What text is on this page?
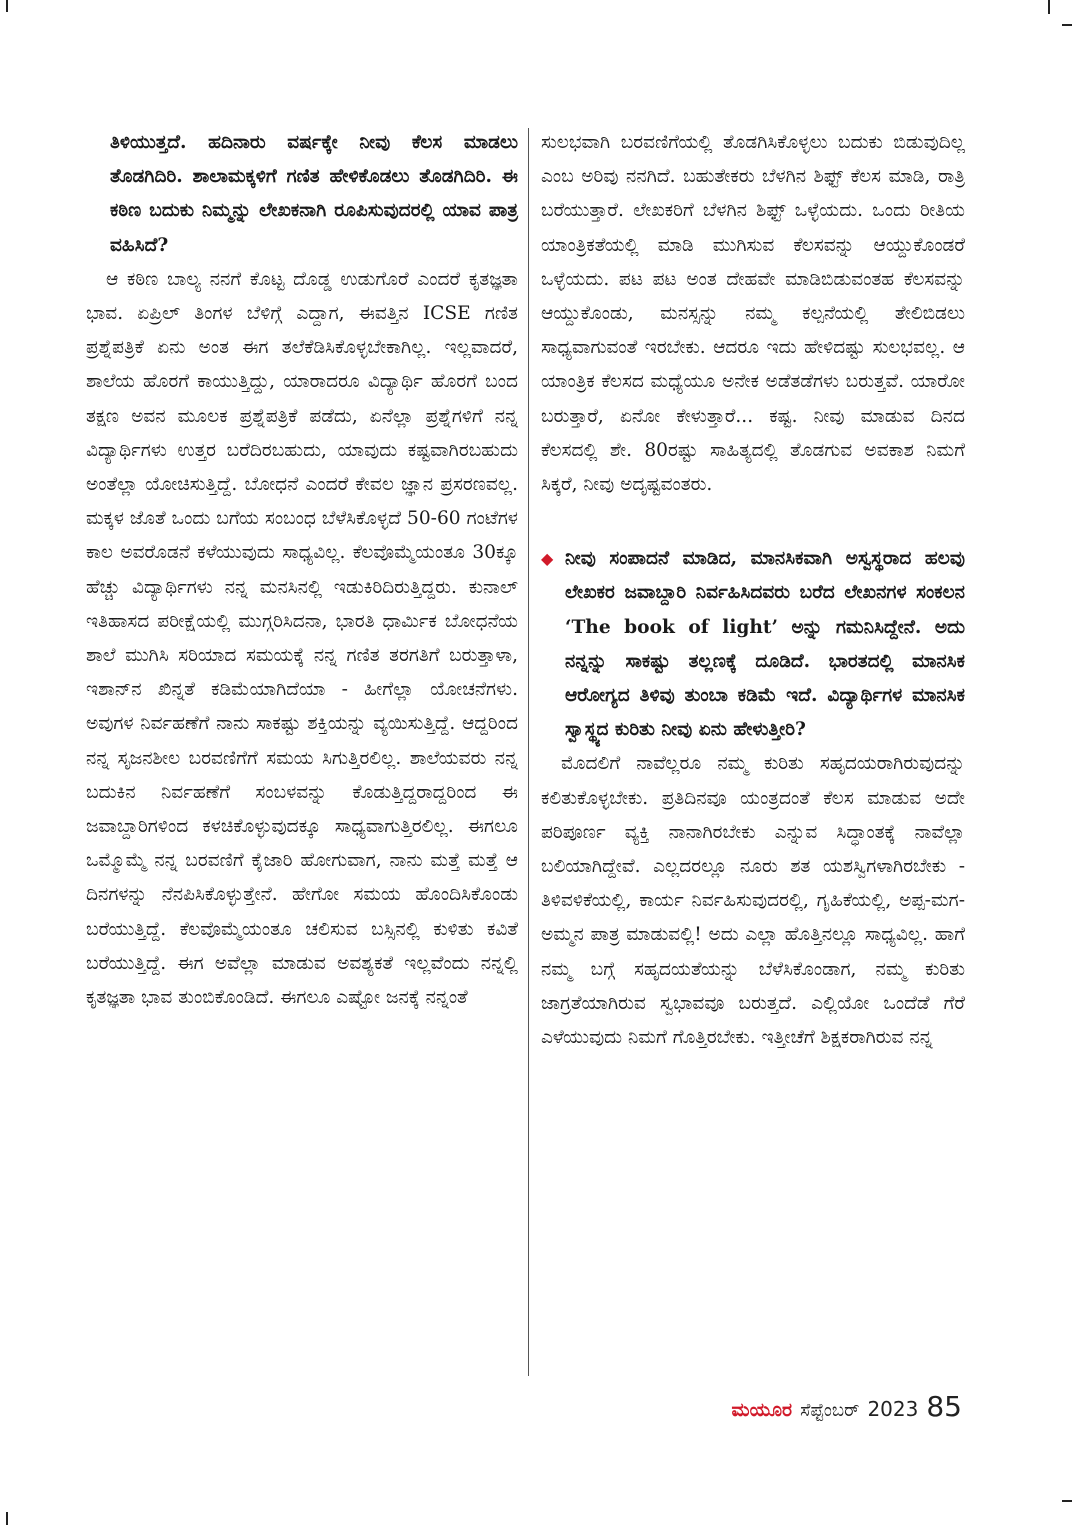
ತಿಳಿಯುತ್ತದೆ. ಹದಿನಾರು ವರ್ಷಕ್ಕೇ ನೀವು ಕೆಲಸ ಮಾಡಲು ತೊಡಗಿದಿರಿ. ಶಾಲಾಮಕ್ಕಳಿಗೆ ಗಣಿತ ಹೇಳಿಕೊಡಲು ತೊಡಗಿದಿರಿ. ಈ ಕಠಿಣ ಬದುಕು ನಿಮ್ಮನ್ನು ಲೇಖಕನಾಗಿ ರೂಪಿಸುವುದರಲ್ಲಿ ಯಾವ ಪಾತ್ರ ವಹಿಸಿದೆ?

ಆ ಕಠಿಣ ಬಾಲ್ಯ ನನಗೆ ಕೊಟ್ಟ ದೊಡ್ಡ ಉಡುಗೊರೆ ಎಂದರೆ ಕೃತಜ್ಞತಾ ಭಾವ. ಏಪ್ರಿಲ್ ತಿಂಗಳ ಬೆಳಿಗ್ಗೆ ಎದ್ದಾಗ, ಈವತ್ತಿನ ICSE ಗಣಿತ ಪ್ರಶ್ನೆಪತ್ರಿಕೆ ಏನು ಅಂತ ಈಗ ತಲೆಕೆಡಿಸಿಕೊಳ್ಳಬೇಕಾಗಿಲ್ಲ. ಇಲ್ಲವಾದರೆ, ಶಾಲೆಯ ಹೊರಗೆ ಕಾಯುತ್ತಿದ್ದು, ಯಾರಾದರೂ ವಿದ್ಯಾರ್ಥಿ ಹೊರಗೆ ಬಂದ ತಕ್ಷಣ ಅವನ ಮೂಲಕ ಪ್ರಶ್ನೆಪತ್ರಿಕೆ ಪಡೆದು, ಏನೆಲ್ಲಾ ಪ್ರಶ್ನೆಗಳಿಗೆ ನನ್ನ ವಿದ್ಯಾರ್ಥಿಗಳು ಉತ್ತರ ಬರೆದಿರಬಹುದು, ಯಾವುದು ಕಷ್ಟವಾಗಿರಬಹುದು ಅಂತೆಲ್ಲಾ ಯೋಚಿಸುತ್ತಿದ್ದೆ. ಬೋಧನೆ ಎಂದರೆ ಕೇವಲ ಜ್ಞಾನ ಪ್ರಸರಣವಲ್ಲ. ಮಕ್ಕಳ ಜೊತೆ ಒಂದು ಬಗೆಯ ಸಂಬಂಧ ಬೆಳೆಸಿಕೊಳ್ಳದೆ 50-60 ಗಂಟೆಗಳ ಕಾಲ ಅವರೊಡನೆ ಕಳೆಯುವುದು ಸಾಧ್ಯವಿಲ್ಲ. ಕೆಲವೊಮ್ಮೆಯಂತೂ 30ಕ್ಕೂ ಹೆಚ್ಚು ವಿದ್ಯಾರ್ಥಿಗಳು ನನ್ನ ಮನಸಿನಲ್ಲಿ ಇಡುಕಿರಿದಿರುತ್ತಿದ್ದರು. ಕುನಾಲ್ ಇತಿಹಾಸದ ಪರೀಕ್ಷೆಯಲ್ಲಿ ಮುಗ್ಗರಿಸಿದನಾ, ಭಾರತಿ ಧಾರ್ಮಿಕ ಬೋಧನೆಯ ಶಾಲೆ ಮುಗಿಸಿ ಸರಿಯಾದ ಸಮಯಕ್ಕೆ ನನ್ನ ಗಣಿತ ತರಗತಿಗೆ ಬರುತ್ತಾಳಾ, ಇಶಾನ್‌ನ ಖಿನ್ನತೆ ಕಡಿಮೆಯಾಗಿದೆಯಾ - ಹೀಗೆಲ್ಲಾ ಯೋಚನೆಗಳು. ಅವುಗಳ ನಿರ್ವಹಣೆಗೆ ನಾನು ಸಾಕಷ್ಟು ಶಕ್ತಿಯನ್ನು ವ್ಯಯಿಸುತ್ತಿದ್ದೆ. ಆದ್ದರಿಂದ ನನ್ನ ಸೃಜನಶೀಲ ಬರವಣಿಗೆಗೆ ಸಮಯ ಸಿಗುತ್ತಿರಲಿಲ್ಲ. ಶಾಲೆಯವರು ನನ್ನ ಬದುಕಿನ ನಿರ್ವಹಣೆಗೆ ಸಂಬಳವನ್ನು ಕೊಡುತ್ತಿದ್ದರಾದ್ದರಿಂದ ಈ ಜವಾಬ್ದಾರಿಗಳಿಂದ ಕಳಚಿಕೊಳ್ಳುವುದಕ್ಕೂ ಸಾಧ್ಯವಾಗುತ್ತಿರಲಿಲ್ಲ. ಈಗಲೂ ಒಮ್ಮೊಮ್ಮೆ ನನ್ನ ಬರವಣಿಗೆ ಕೈಜಾರಿ ಹೋಗುವಾಗ, ನಾನು ಮತ್ತೆ ಮತ್ತೆ ಆ ದಿನಗಳನ್ನು ನೆನಪಿಸಿಕೊಳ್ಳುತ್ತೇನೆ. ಹೇಗೋ ಸಮಯ ಹೊಂದಿಸಿಕೊಂಡು ಬರೆಯುತ್ತಿದ್ದೆ. ಕೆಲವೊಮ್ಮೆಯಂತೂ ಚಲಿಸುವ ಬಸ್ಸಿನಲ್ಲಿ ಕುಳಿತು ಕವಿತೆ ಬರೆಯುತ್ತಿದ್ದೆ. ಈಗ ಅವೆಲ್ಲಾ ಮಾಡುವ ಅವಶ್ಯಕತೆ ಇಲ್ಲವೆಂದು ನನ್ನಲ್ಲಿ ಕೃತಜ್ಞತಾ ಭಾವ ತುಂಬಿಕೊಂಡಿದೆ. ಈಗಲೂ ಎಷ್ಟೋ ಜನಕ್ಕೆ ನನ್ನಂತೆ

ಸುಲಭವಾಗಿ ಬರವಣಿಗೆಯಲ್ಲಿ ತೊಡಗಿಸಿಕೊಳ್ಳಲು ಬದುಕು ಬಿಡುವುದಿಲ್ಲ ಎಂಬ ಅರಿವು ನನಗಿದೆ. ಬಹುತೇಕರು ಬೆಳಗಿನ ಶಿಫ್ಟ್ ಕೆಲಸ ಮಾಡಿ, ರಾತ್ರಿ ಬರೆಯುತ್ತಾರೆ. ಲೇಖಕರಿಗೆ ಬೆಳಗಿನ ಶಿಫ್ಟ್ ಒಳ್ಳೆಯದು. ಒಂದು ರೀತಿಯ ಯಾಂತ್ರಿಕತೆಯಲ್ಲಿ ಮಾಡಿ ಮುಗಿಸುವ ಕೆಲಸವನ್ನು ಆಯ್ದುಕೊಂಡರೆ ಒಳ್ಳೆಯದು. ಪಟ ಪಟ ಅಂತ ದೇಹವೇ ಮಾಡಿಬಿಡುವಂತಹ ಕೆಲಸವನ್ನು ಆಯ್ದುಕೊಂಡು, ಮನಸ್ಸನ್ನು ನಮ್ಮ ಕಲ್ಪನೆಯಲ್ಲಿ ತೇಲಿಬಿಡಲು ಸಾಧ್ಯವಾಗುವಂತೆ ಇರಬೇಕು. ಆದರೂ ಇದು ಹೇಳಿದಷ್ಟು ಸುಲಭವಲ್ಲ. ಆ ಯಾಂತ್ರಿಕ ಕೆಲಸದ ಮಧ್ಯೆಯೂ ಅನೇಕ ಅಡೆತಡೆಗಳು ಬರುತ್ತವೆ. ಯಾರೋ ಬರುತ್ತಾರೆ, ಏನೋ ಕೇಳುತ್ತಾರೆ... ಕಷ್ಟ. ನೀವು ಮಾಡುವ ದಿನದ ಕೆಲಸದಲ್ಲಿ ಶೇ. 80ರಷ್ಟು ಸಾಹಿತ್ಯದಲ್ಲಿ ತೊಡಗುವ ಅವಕಾಶ ನಿಮಗೆ ಸಿಕ್ಕರೆ, ನೀವು ಅದೃಷ್ಟವಂತರು.

◆ ನೀವು ಸಂಪಾದನೆ ಮಾಡಿದ, ಮಾನಸಿಕವಾಗಿ ಅಸ್ವಸ್ಥರಾದ ಹಲವು ಲೇಖಕರ ಜವಾಬ್ದಾರಿ ನಿರ್ವಹಿಸಿದವರು ಬರೆದ ಲೇಖನಗಳ ಸಂಕಲನ ‘The book of light’ ಅನ್ನು ಗಮನಿಸಿದ್ದೇನೆ. ಅದು ನನ್ನನ್ನು ಸಾಕಷ್ಟು ತಲ್ಲಣಕ್ಕೆ ದೂಡಿದೆ. ಭಾರತದಲ್ಲಿ ಮಾನಸಿಕ ಆರೋಗ್ಯದ ತಿಳಿವು ತುಂಬಾ ಕಡಿಮೆ ಇದೆ. ವಿದ್ಯಾರ್ಥಿಗಳ ಮಾನಸಿಕ ಸ್ವಾಸ್ಥ್ಯದ ಕುರಿತು ನೀವು ಏನು ಹೇಳುತ್ತೀರಿ?

ಮೊದಲಿಗೆ ನಾವೆಲ್ಲರೂ ನಮ್ಮ ಕುರಿತು ಸಹೃದಯರಾಗಿರುವುದನ್ನು ಕಲಿತುಕೊಳ್ಳಬೇಕು. ಪ್ರತಿದಿನವೂ ಯಂತ್ರದಂತೆ ಕೆಲಸ ಮಾಡುವ ಅದೇ ಪರಿಪೂರ್ಣ ವ್ಯಕ್ತಿ ನಾನಾಗಿರಬೇಕು ಎನ್ನುವ ಸಿದ್ಧಾಂತಕ್ಕೆ ನಾವೆಲ್ಲಾ ಬಲಿಯಾಗಿದ್ದೇವೆ. ಎಲ್ಲದರಲ್ಲೂ ನೂರು ಶತ ಯಶಸ್ವಿಗಳಾಗಿರಬೇಕು - ತಿಳಿವಳಿಕೆಯಲ್ಲಿ, ಕಾರ್ಯ ನಿರ್ವಹಿಸುವುದರಲ್ಲಿ, ಗೃಹಿಕೆಯಲ್ಲಿ, ಅಪ್ಪ-ಮಗ-ಅಮ್ಮನ ಪಾತ್ರ ಮಾಡುವಲ್ಲಿ! ಅದು ಎಲ್ಲಾ ಹೊತ್ತಿನಲ್ಲೂ ಸಾಧ್ಯವಿಲ್ಲ. ಹಾಗೆ ನಮ್ಮ ಬಗ್ಗೆ ಸಹೃದಯತೆಯನ್ನು ಬೆಳೆಸಿಕೊಂಡಾಗ, ನಮ್ಮ ಕುರಿತು ಜಾಗ್ರತೆಯಾಗಿರುವ ಸ್ವಭಾವವೂ ಬರುತ್ತದೆ. ಎಲ್ಲಿಯೋ ಒಂದೆಡೆ ಗೆರೆ ಎಳೆಯುವುದು ನಿಮಗೆ ಗೊತ್ತಿರಬೇಕು. ಇತ್ತೀಚೆಗೆ ಶಿಕ್ಷಕರಾಗಿರುವ ನನ್ನ

ಮಯೂರ ಸೆಪ್ಟೆಂಬರ್ 2023 85
